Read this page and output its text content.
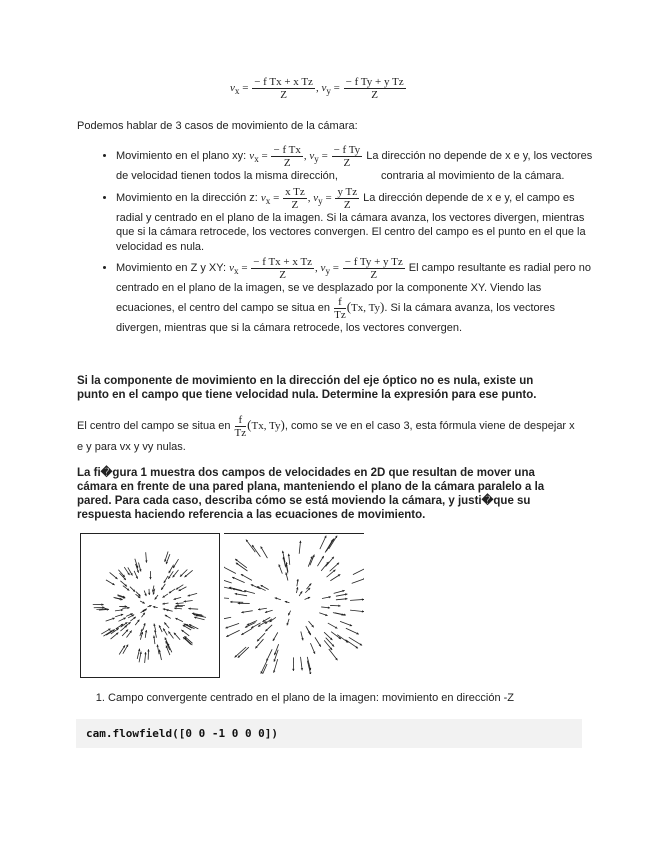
$v_x = \frac{\text{− f Tx + x Tz}}{Z}$ , $v_y = \frac{\text{− f Ty + y Tz}}{Z}$

Podemos hablar de 3 casos de movimiento de la cámara:

• Movimiento en el plano xy: $v_x = \frac{\text{− f Tx}}{Z}$ , $v_y = \frac{\text{− f Ty}}{Z}$ La dirección no depende de x e y, los vectores de velocidad tienen todos la misma dirección,	contraria al movimiento de la cámara.
• Movimiento en la dirección z: $v_x = \frac{\text{x Tz}}{Z}$ , $v_y = \frac{\text{y Tz}}{Z}$ La dirección depende de x e y, el campo es radial y centrado en el plano de la imagen. Si la cámara avanza, los vectores divergen, mientras que si la cámara retrocede, los vectores convergen. El centro del campo es el punto en el que la velocidad es nula.
• Movimiento en Z y XY: $v_x = \frac{\text{− f Tx + x Tz}}{Z}$ , $v_y = \frac{\text{− f Ty + y Tz}}{Z}$ El campo resultante es radial pero no centrado en el plano de la imagen, se ve desplazado por la componente XY. Viendo las ecuaciones, el centro del campo se situa en $\frac{f}{Tz} (Tx$, Ty). Si la cámara avanza, los vectores divergen, mientras que si la cámara retrocede, los vectores convergen.

Si la componente de movimiento en la dirección del eje óptico no es nula, existe un punto en el campo que tiene velocidad nula. Determine la expresión para ese punto.

El centro del campo se situa en $\frac{f}{Tz} (Tx$, Ty), como se ve en el caso 3, esta fórmula viene de despejar x e y para vx y vy nulas.

La fi�gura 1 muestra dos campos de velocidades en 2D que resultan de mover una cámara en frente de una pared plana, manteniendo el plano de la cámara paralelo a la pared. Para cada caso, describa cómo se está moviendo la cámara, y justi�que su respuesta haciendo referencia a las ecuaciones de movimiento.

1. Campo convergente centrado en el plano de la imagen: movimiento en dirección -Z
cam.flowfield([0 0 -1 0 0 0])
